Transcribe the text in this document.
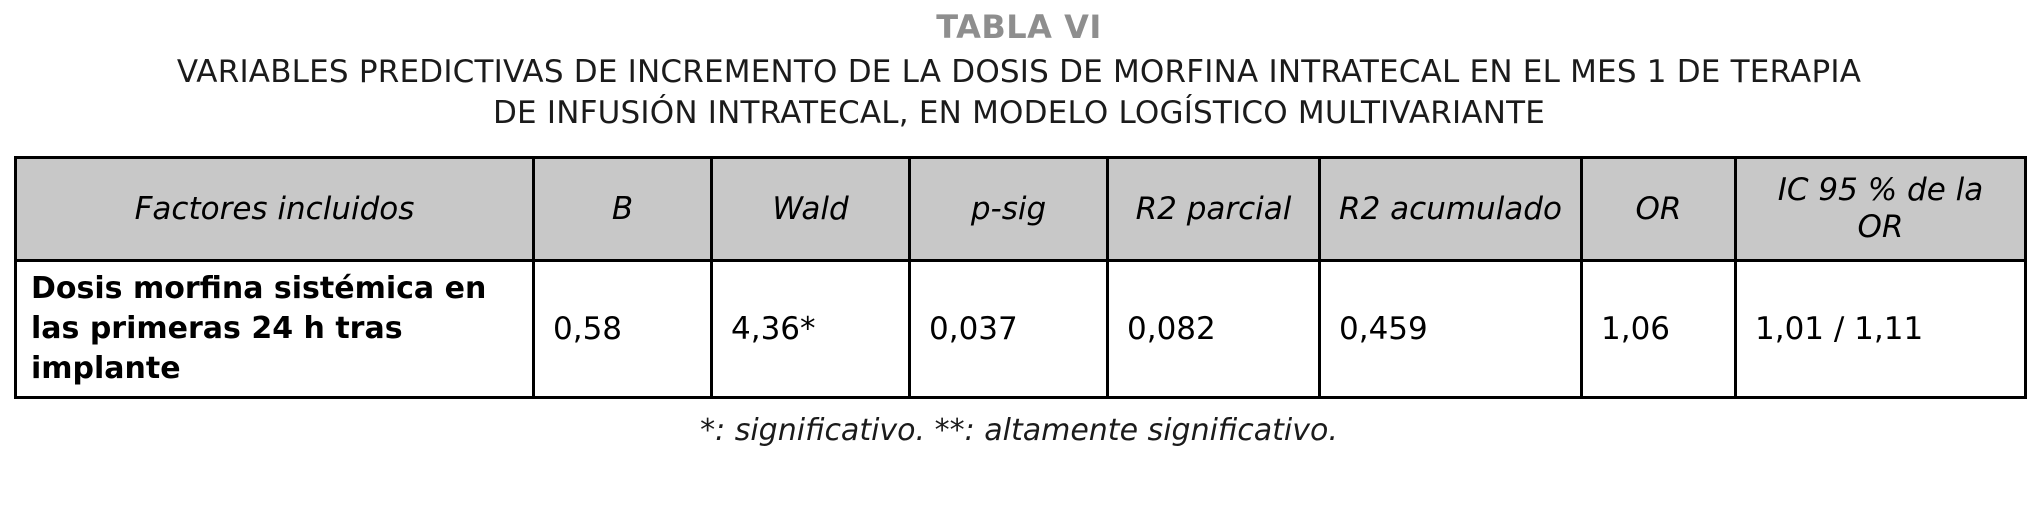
TABLA VI
VARIABLES PREDICTIVAS DE INCREMENTO DE LA DOSIS DE MORFINA INTRATECAL EN EL MES 1 DE TERAPIA
DE INFUSIÓN INTRATECAL, EN MODELO LOGÍSTICO MULTIVARIANTE
Factores incluidos	B	Wald	p-sig	R2 parcial	R2 acumulado	OR	IC 95 % de la OR
Dosis morfina sistémica en las primeras 24 h tras implante	0,58	4,36*	0,037	0,082	0,459	1,06	1,01 / 1,11
*: significativo. **: altamente significativo.
